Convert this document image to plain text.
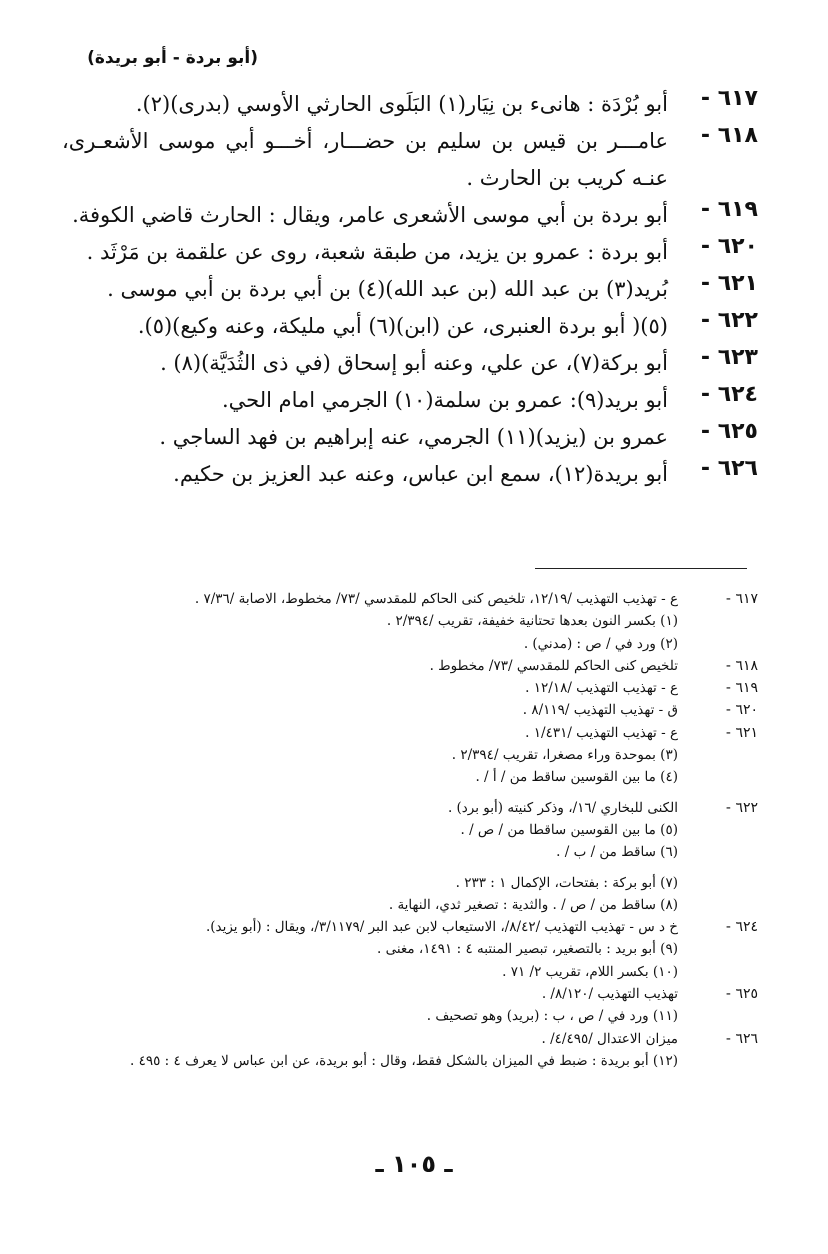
(أبو بردة - أبو بريدة)
٦١٧ -
أبو بُرْدَة : هانىء بن نِيَار(١) البَلَوى الحارثي الأوسي (بدرى)(٢).
٦١٨ -
عامـــر بن قيس بن سليم بن حضـــار، أخـــو أبي موسى الأشعـرى، عنـه كريب بن الحارث .
٦١٩ -
أبو بردة بن أبي موسى الأشعرى عامر، ويقال : الحارث قاضي الكوفة.
٦٢٠ -
أبو بردة : عمرو بن يزيد، من طبقة شعبة، روى عن علقمة بن مَرْثَد .
٦٢١ -
بُريد(٣) بن عبد الله (بن عبد الله)(٤) بن أبي بردة بن أبي موسى .
٦٢٢ -
(٥)( أبو بردة العنبرى، عن (ابن)(٦) أبي مليكة، وعنه وكيع)(٥).
٦٢٣ -
أبو بركة(٧)، عن علي، وعنه أبو إسحاق (في ذى الثُدَيَّة)(٨) .
٦٢٤ -
أبو بريد(٩): عمرو بن سلمة(١٠) الجرمي امام الحي.
٦٢٥ -
عمرو بن (يزيد)(١١) الجرمي، عنه إبراهيم بن فهد الساجي .
٦٢٦ -
أبو بريدة(١٢)، سمع ابن عباس، وعنه عبد العزيز بن حكيم.
٦١٧ -
ع - تهذيب التهذيب /١٢/١٩، تلخيص كنى الحاكم للمقدسي /٧٣/ مخطوط، الاصابة /٧/٣٦ .
(١) بكسر النون بعدها تحتانية خفيفة، تقريب /٢/٣٩٤ .
(٢) ورد في / ص : (مدني) .
٦١٨ -
تلخيص كنى الحاكم للمقدسي /٧٣/ مخطوط .
٦١٩ -
ع - تهذيب التهذيب /١٢/١٨ .
٦٢٠ -
ق - تهذيب التهذيب /٨/١١٩ .
٦٢١ -
ع - تهذيب التهذيب /١/٤٣١ .
(٣) بموحدة وراء مصغرا، تقريب /٢/٣٩٤ .
(٤) ما بين القوسين ساقط من / أ / .
٦٢٢ -
الكنى للبخاري /١٦/، وذكر كنيته (أبو برد) .
(٥) ما بين القوسين ساقطا من / ص / .
(٦) ساقط من / ب / .
(٧) أبو بركة : بفتحات، الإكمال ١ : ٢٣٣ .
(٨) ساقط من / ص / . والثدية : تصغير ثدي، النهاية .
٦٢٤ -
خ د س - تهذيب التهذيب /٨/٤٢/، الاستيعاب لابن عبد البر /٣/١١٧٩/، ويقال : (أبو يزيد).
(٩) أبو بريد : بالتصغير، تبصير المنتبه ٤ : ١٤٩١، مغنى .
(١٠) بكسر اللام، تقريب ٢/ ٧١ .
٦٢٥ -
تهذيب التهذيب /٨/١٢٠/ .
(١١) ورد في / ص ، ب : (بريد) وهو تصحيف .
٦٢٦ -
ميزان الاعتدال /٤/٤٩٥/ .
(١٢) أبو بريدة : ضبط في الميزان بالشكل فقط، وقال : أبو بريدة، عن ابن عباس لا يعرف ٤ : ٤٩٥ .
ـ ١٠٥ ـ
